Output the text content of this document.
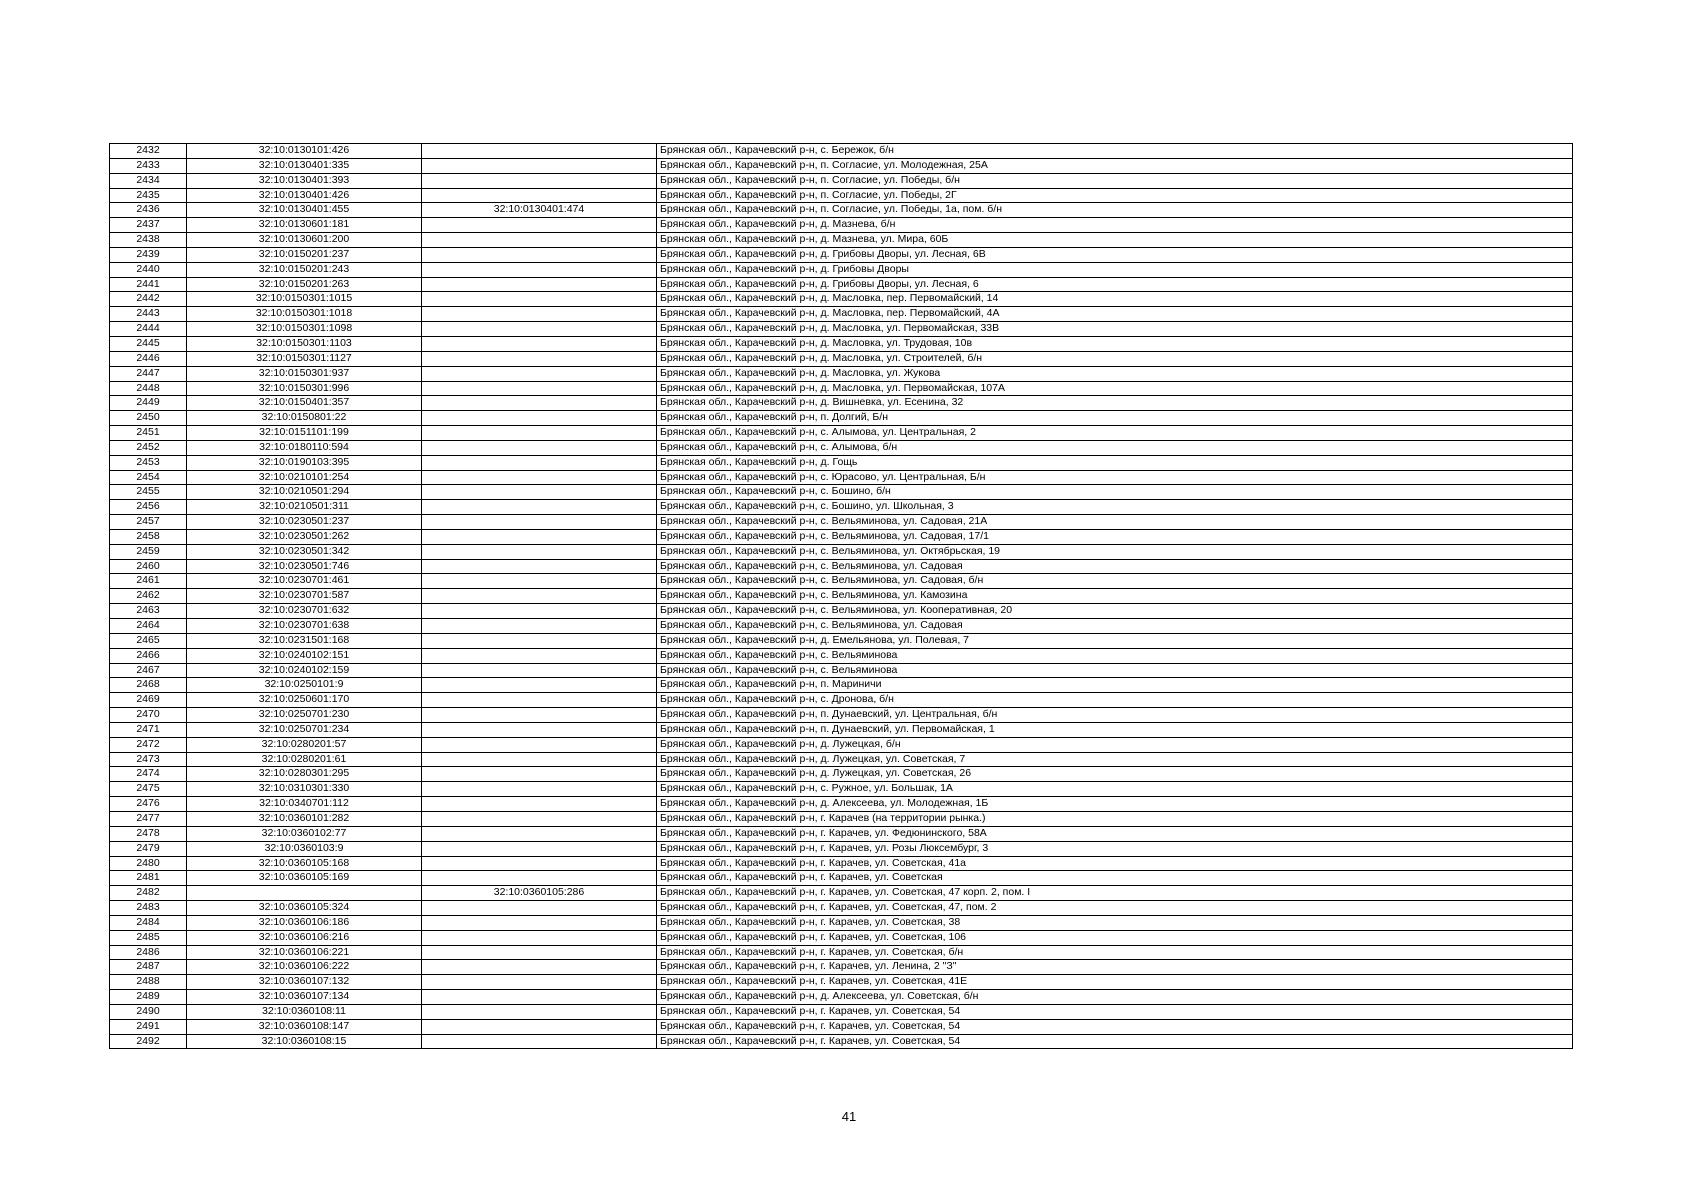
2432	32:10:0130101:426		Брянская обл., Карачевский р-н, с. Бережок, б/н
2433	32:10:0130401:335		Брянская обл., Карачевский р-н, п. Согласие, ул. Молодежная, 25А
2434	32:10:0130401:393		Брянская обл., Карачевский р-н, п. Согласие, ул. Победы, б/н
2435	32:10:0130401:426		Брянская обл., Карачевский р-н, п. Согласие, ул. Победы, 2Г
2436	32:10:0130401:455	32:10:0130401:474	Брянская обл., Карачевский р-н, п. Согласие, ул. Победы, 1а, пом. б/н
2437	32:10:0130601:181		Брянская обл., Карачевский р-н, д. Мазнева, б/н
2438	32:10:0130601:200		Брянская обл., Карачевский р-н, д. Мазнева, ул. Мира, 60Б
2439	32:10:0150201:237		Брянская обл., Карачевский р-н, д. Грибовы Дворы, ул. Лесная, 6В
2440	32:10:0150201:243		Брянская обл., Карачевский р-н, д. Грибовы Дворы
2441	32:10:0150201:263		Брянская обл., Карачевский р-н, д. Грибовы Дворы, ул. Лесная, 6
2442	32:10:0150301:1015		Брянская обл., Карачевский р-н, д. Масловка, пер. Первомайский, 14
2443	32:10:0150301:1018		Брянская обл., Карачевский р-н, д. Масловка, пер. Первомайский, 4А
2444	32:10:0150301:1098		Брянская обл., Карачевский р-н, д. Масловка, ул. Первомайская, 33В
2445	32:10:0150301:1103		Брянская обл., Карачевский р-н, д. Масловка, ул. Трудовая, 10в
2446	32:10:0150301:1127		Брянская обл., Карачевский р-н, д. Масловка, ул. Строителей, б/н
2447	32:10:0150301:937		Брянская обл., Карачевский р-н, д. Масловка, ул. Жукова
2448	32:10:0150301:996		Брянская обл., Карачевский р-н, д. Масловка, ул. Первомайская, 107А
2449	32:10:0150401:357		Брянская обл., Карачевский р-н, д. Вишневка, ул. Есенина, 32
2450	32:10:0150801:22		Брянская обл., Карачевский р-н, п. Долгий, Б/н
2451	32:10:0151101:199		Брянская обл., Карачевский р-н, с. Алымова, ул. Центральная, 2
2452	32:10:0180110:594		Брянская обл., Карачевский р-н, с. Алымова, б/н
2453	32:10:0190103:395		Брянская обл., Карачевский р-н, д. Гощь
2454	32:10:0210101:254		Брянская обл., Карачевский р-н, с. Юрасово, ул. Центральная, Б/н
2455	32:10:0210501:294		Брянская обл., Карачевский р-н, с. Бошино, б/н
2456	32:10:0210501:311		Брянская обл., Карачевский р-н, с. Бошино, ул. Школьная, 3
2457	32:10:0230501:237		Брянская обл., Карачевский р-н, с. Вельяминова, ул. Садовая, 21А
2458	32:10:0230501:262		Брянская обл., Карачевский р-н, с. Вельяминова, ул. Садовая, 17/1
2459	32:10:0230501:342		Брянская обл., Карачевский р-н, с. Вельяминова, ул. Октябрьская, 19
2460	32:10:0230501:746		Брянская обл., Карачевский р-н, с. Вельяминова, ул. Садовая
2461	32:10:0230701:461		Брянская обл., Карачевский р-н, с. Вельяминова, ул. Садовая, б/н
2462	32:10:0230701:587		Брянская обл., Карачевский р-н, с. Вельяминова, ул. Камозина
2463	32:10:0230701:632		Брянская обл., Карачевский р-н, с. Вельяминова, ул. Кооперативная, 20
2464	32:10:0230701:638		Брянская обл., Карачевский р-н, с. Вельяминова, ул. Садовая
2465	32:10:0231501:168		Брянская обл., Карачевский р-н, д. Емельянова, ул. Полевая, 7
2466	32:10:0240102:151		Брянская обл., Карачевский р-н, с. Вельяминова
2467	32:10:0240102:159		Брянская обл., Карачевский р-н, с. Вельяминова
2468	32:10:0250101:9		Брянская обл., Карачевский р-н, п. Мариничи
2469	32:10:0250601:170		Брянская обл., Карачевский р-н, с. Дронова, б/н
2470	32:10:0250701:230		Брянская обл., Карачевский р-н, п. Дунаевский, ул. Центральная, б/н
2471	32:10:0250701:234		Брянская обл., Карачевский р-н, п. Дунаевский, ул. Первомайская, 1
2472	32:10:0280201:57		Брянская обл., Карачевский р-н, д. Лужецкая, б/н
2473	32:10:0280201:61		Брянская обл., Карачевский р-н, д. Лужецкая, ул. Советская, 7
2474	32:10:0280301:295		Брянская обл., Карачевский р-н, д. Лужецкая, ул. Советская, 26
2475	32:10:0310301:330		Брянская обл., Карачевский р-н, с. Ружное, ул. Большак, 1А
2476	32:10:0340701:112		Брянская обл., Карачевский р-н, д. Алексеева, ул. Молодежная, 1Б
2477	32:10:0360101:282		Брянская обл., Карачевский р-н, г. Карачев (на территории рынка.)
2478	32:10:0360102:77		Брянская обл., Карачевский р-н, г. Карачев, ул. Федюнинского, 58А
2479	32:10:0360103:9		Брянская обл., Карачевский р-н, г. Карачев, ул. Розы Люксембург, 3
2480	32:10:0360105:168		Брянская обл., Карачевский р-н, г. Карачев, ул. Советская, 41а
2481	32:10:0360105:169		Брянская обл., Карачевский р-н, г. Карачев, ул. Советская
2482		32:10:0360105:286	Брянская обл., Карачевский р-н, г. Карачев, ул. Советская, 47 корп. 2, пом. I
2483	32:10:0360105:324		Брянская обл., Карачевский р-н, г. Карачев, ул. Советская, 47, пом. 2
2484	32:10:0360106:186		Брянская обл., Карачевский р-н, г. Карачев, ул. Советская, 38
2485	32:10:0360106:216		Брянская обл., Карачевский р-н, г. Карачев, ул. Советская, 106
2486	32:10:0360106:221		Брянская обл., Карачевский р-н, г. Карачев, ул. Советская, б/н
2487	32:10:0360106:222		Брянская обл., Карачевский р-н, г. Карачев, ул. Ленина, 2 "З"
2488	32:10:0360107:132		Брянская обл., Карачевский р-н, г. Карачев, ул. Советская, 41Е
2489	32:10:0360107:134		Брянская обл., Карачевский р-н, д. Алексеева, ул. Советская, б/н
2490	32:10:0360108:11		Брянская обл., Карачевский р-н, г. Карачев, ул. Советская, 54
2491	32:10:0360108:147		Брянская обл., Карачевский р-н, г. Карачев, ул. Советская, 54
2492	32:10:0360108:15		Брянская обл., Карачевский р-н, г. Карачев, ул. Советская, 54
41
